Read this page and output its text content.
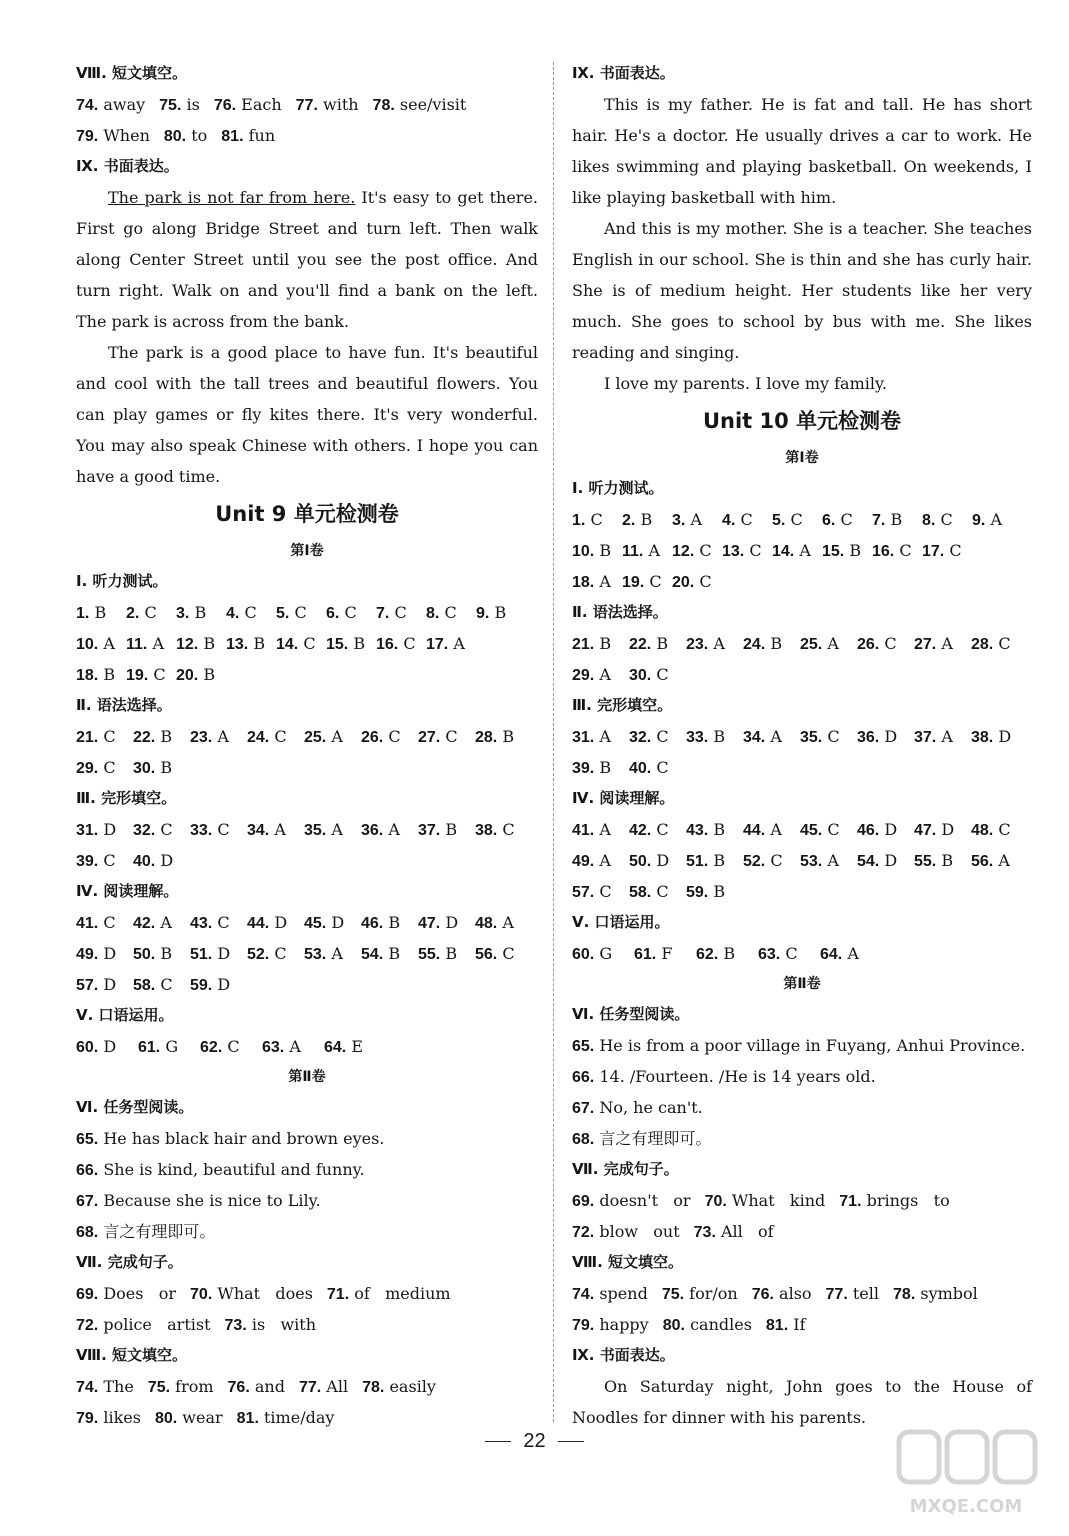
Ⅷ. 短文填空。
74. away 75. is 76. Each 77. with 78. see/visit
79. When 80. to 81. fun
Ⅸ. 书面表达。

The park is not far from here. It's easy to get there. First go along Bridge Street and turn left. Then walk along Center Street until you see the post office. And turn right. Walk on and you'll find a bank on the left. The park is across from the bank.

The park is a good place to have fun. It's beautiful and cool with the tall trees and beautiful flowers. You can play games or fly kites there. It's very wonderful. You may also speak Chinese with others. I hope you can have a good time.

Unit 9 单元检测卷
第Ⅰ卷
Ⅰ. 听力测试。
1. B 2. C 3. B 4. C 5. C 6. C 7. C 8. C 9. B
10. A 11. A 12. B 13. B 14. C 15. B 16. C 17. A
18. B 19. C 20. B
Ⅱ. 语法选择。
21. C 22. B 23. A 24. C 25. A 26. C 27. C 28. B
29. C 30. B
Ⅲ. 完形填空。
31. D 32. C 33. C 34. A 35. A 36. A 37. B 38. C
39. C 40. D
Ⅳ. 阅读理解。
41. C 42. A 43. C 44. D 45. D 46. B 47. D 48. A
49. D 50. B 51. D 52. C 53. A 54. B 55. B 56. C
57. D 58. C 59. D
Ⅴ. 口语运用。
60. D 61. G 62. C 63. A 64. E
第Ⅱ卷
Ⅵ. 任务型阅读。
65. He has black hair and brown eyes.
66. She is kind, beautiful and funny.
67. Because she is nice to Lily.
68. 言之有理即可。
Ⅶ. 完成句子。
69. Does   or 70. What   does 71. of   medium
72. police   artist 73. is   with
Ⅷ. 短文填空。
74. The 75. from 76. and 77. All 78. easily
79. likes 80. wear 81. time/day
Ⅸ. 书面表达。

This is my father. He is fat and tall. He has short hair. He's a doctor. He usually drives a car to work. He likes swimming and playing basketball. On weekends, I like playing basketball with him.

And this is my mother. She is a teacher. She teaches English in our school. She is thin and she has curly hair. She is of medium height. Her students like her very much. She goes to school by bus with me. She likes reading and singing.

I love my parents. I love my family.

Unit 10 单元检测卷
第Ⅰ卷
Ⅰ. 听力测试。
1. C 2. B 3. A 4. C 5. C 6. C 7. B 8. C 9. A
10. B 11. A 12. C 13. C 14. A 15. B 16. C 17. C
18. A 19. C 20. C
Ⅱ. 语法选择。
21. B 22. B 23. A 24. B 25. A 26. C 27. A 28. C
29. A 30. C
Ⅲ. 完形填空。
31. A 32. C 33. B 34. A 35. C 36. D 37. A 38. D
39. B 40. C
Ⅳ. 阅读理解。
41. A 42. C 43. B 44. A 45. C 46. D 47. D 48. C
49. A 50. D 51. B 52. C 53. A 54. D 55. B 56. A
57. C 58. C 59. B
Ⅴ. 口语运用。
60. G 61. F 62. B 63. C 64. A
第Ⅱ卷
Ⅵ. 任务型阅读。
65. He is from a poor village in Fuyang, Anhui Province.
66. 14. /Fourteen. /He is 14 years old.
67. No, he can't.
68. 言之有理即可。
Ⅶ. 完成句子。
69. doesn't   or 70. What   kind 71. brings   to
72. blow   out 73. All   of
Ⅷ. 短文填空。
74. spend 75. for/on 76. also 77. tell 78. symbol
79. happy 80. candles 81. If
Ⅸ. 书面表达。

On Saturday night, John goes to the House of Noodles for dinner with his parents.

22
MXQE.COM
